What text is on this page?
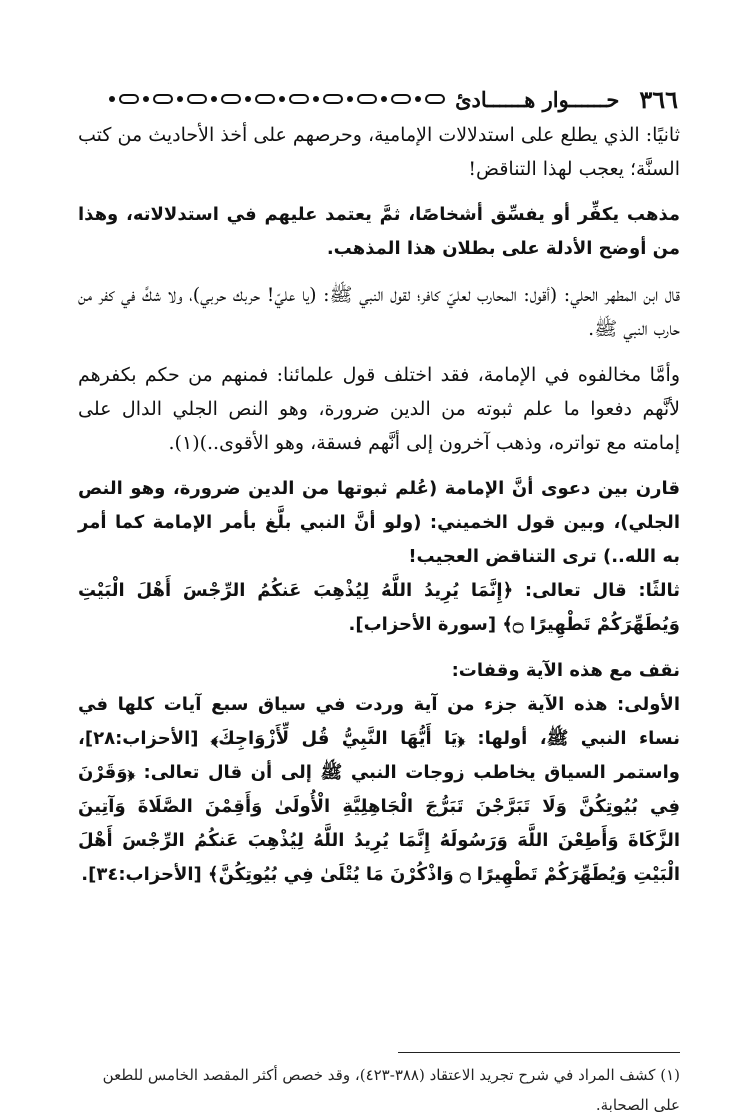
٣٦٦
حــــــوار هــــــادئ

ثانيًا: الذي يطلع على استدلالات الإمامية، وحرصهم على أخذ الأحاديث من كتب السنَّة؛ يعجب لهذا التناقض!

مذهب يكفِّر أو يفسِّق أشخاصًا، ثمَّ يعتمد عليهم في استدلالاته، وهذا من أوضح الأدلة على بطلان هذا المذهب.

قال ابن المطهر الحلي: (أقول: المحارب لعليّ كافر؛ لقول النبي ﷺ: (يا عليّ! حربك حربي)، ولا شكَّ في كفر من حارب النبي ﷺ.

وأمَّا مخالفوه في الإمامة، فقد اختلف قول علمائنا: فمنهم من حكم بكفرهم لأنَّهم دفعوا ما علم ثبوته من الدين ضرورة، وهو النص الجلي الدال على إمامته مع تواتره، وذهب آخرون إلى أنَّهم فسقة، وهو الأقوى..)(١).

قارن بين دعوى أنَّ الإمامة (عُلم ثبوتها من الدين ضرورة، وهو النص الجلي)، وبين قول الخميني: (ولو أنَّ النبي بلَّغ بأمر الإمامة كما أمر به الله..) ترى التناقض العجيب!

ثالثًا: قال تعالى: ﴿إِنَّمَا يُرِيدُ اللَّهُ لِيُذْهِبَ عَنكُمُ الرِّجْسَ أَهْلَ الْبَيْتِ وَيُطَهِّرَكُمْ تَطْهِيرًا ۝﴾ [سورة الأحزاب].

نقف مع هذه الآية وقفات:

الأولى: هذه الآية جزء من آية وردت في سياق سبع آيات كلها في نساء النبي ﷺ، أولها: ﴿يَا أَيُّهَا النَّبِيُّ قُل لِّأَزْوَاجِكَ﴾ [الأحزاب:٢٨]، واستمر السياق يخاطب زوجات النبي ﷺ إلى أن قال تعالى: ﴿وَقَرْنَ فِي بُيُوتِكُنَّ وَلَا تَبَرَّجْنَ تَبَرُّجَ الْجَاهِلِيَّةِ الْأُولَىٰ وَأَقِمْنَ الصَّلَاةَ وَآتِينَ الزَّكَاةَ وَأَطِعْنَ اللَّهَ وَرَسُولَهُ إِنَّمَا يُرِيدُ اللَّهُ لِيُذْهِبَ عَنكُمُ الرِّجْسَ أَهْلَ الْبَيْتِ وَيُطَهِّرَكُمْ تَطْهِيرًا ۝ وَاذْكُرْنَ مَا يُتْلَىٰ فِي بُيُوتِكُنَّ﴾ [الأحزاب:٣٤].

(١) كشف المراد في شرح تجريد الاعتقاد (٣٨٨-٤٢٣)، وقد خصص أكثر المقصد الخامس للطعن على الصحابة.
